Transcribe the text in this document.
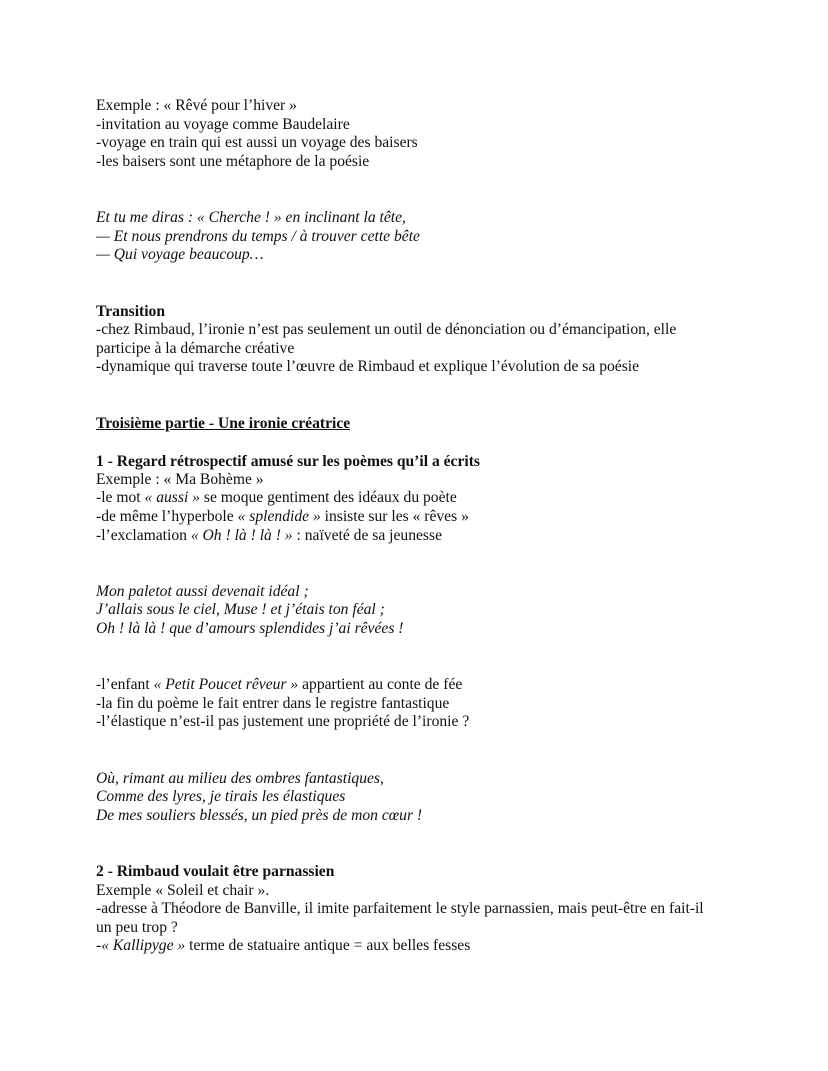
Exemple : « Rêvé pour l’hiver »
-invitation au voyage comme Baudelaire
-voyage en train qui est aussi un voyage des baisers
-les baisers sont une métaphore de la poésie
Et tu me diras : « Cherche ! » en inclinant la tête,
— Et nous prendrons du temps / à trouver cette bête
— Qui voyage beaucoup…
Transition
-chez Rimbaud, l’ironie n’est pas seulement un outil de dénonciation ou d’émancipation, elle
participe à la démarche créative
-dynamique qui traverse toute l’œuvre de Rimbaud et explique l’évolution de sa poésie
Troisième partie - Une ironie créatrice
1 - Regard rétrospectif amusé sur les poèmes qu’il a écrits
Exemple : « Ma Bohème »
-le mot « aussi » se moque gentiment des idéaux du poète
-de même l’hyperbole « splendide » insiste sur les « rêves »
-l’exclamation « Oh ! là ! là ! » : naïveté de sa jeunesse
Mon paletot aussi devenait idéal ;
J’allais sous le ciel, Muse ! et j’étais ton féal ;
Oh ! là là ! que d’amours splendides j’ai rêvées !
-l’enfant « Petit Poucet rêveur » appartient au conte de fée
-la fin du poème le fait entrer dans le registre fantastique
-l’élastique n’est-il pas justement une propriété de l’ironie ?
Où, rimant au milieu des ombres fantastiques,
Comme des lyres, je tirais les élastiques
De mes souliers blessés, un pied près de mon cœur !
2 - Rimbaud voulait être parnassien
Exemple « Soleil et chair ».
-adresse à Théodore de Banville, il imite parfaitement le style parnassien, mais peut-être en fait-il
un peu trop ?
-« Kallipyge » terme de statuaire antique = aux belles fesses
